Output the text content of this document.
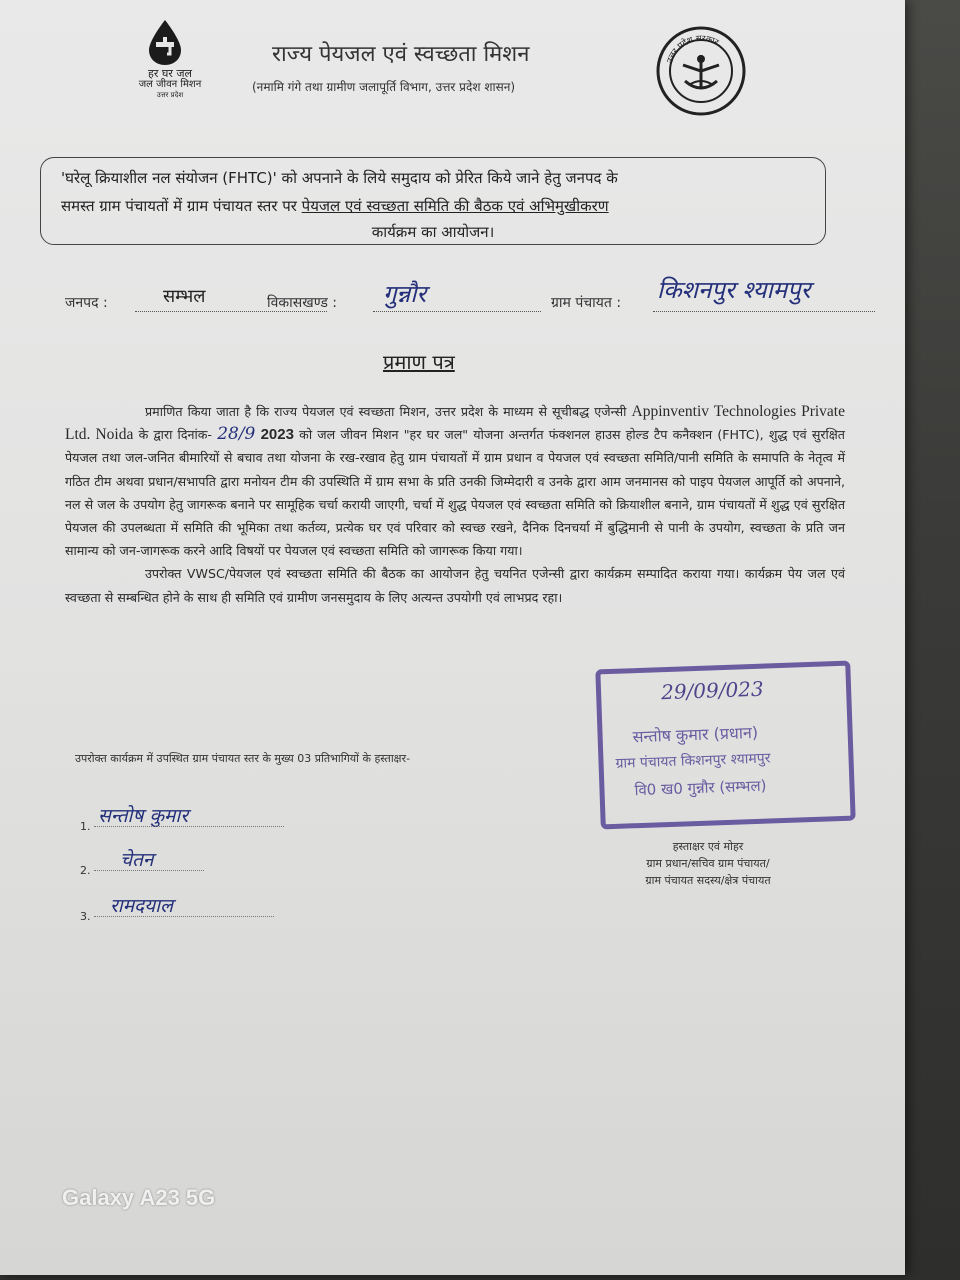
हर घर जल
जल जीवन मिशन
उत्तर प्रदेश
राज्य पेयजल एवं स्वच्छता मिशन
(नमामि गंगे तथा ग्रामीण जलापूर्ति विभाग, उत्तर प्रदेश शासन)
उत्तर प्रदेश सरकार
'घरेलू क्रियाशील नल संयोजन (FHTC)' को अपनाने के लिये समुदाय को प्रेरित किये जाने हेतु जनपद के
समस्त ग्राम पंचायतों में ग्राम पंचायत स्तर पर पेयजल एवं स्वच्छता समिति की बैठक एवं अभिमुखीकरण
कार्यक्रम का आयोजन।
जनपद :	सम्भल	विकासखण्ड : गुन्नौर	ग्राम पंचायत : किशनपुर श्यामपुर
प्रमाण पत्र

प्रमाणित किया जाता है कि राज्य पेयजल एवं स्वच्छता मिशन, उत्तर प्रदेश के माध्यम से सूचीबद्ध एजेन्सी Appinventiv Technologies Private Ltd. Noida के द्वारा दिनांक- 28/9 2023 को जल जीवन मिशन "हर घर जल" योजना अन्तर्गत फंक्शनल हाउस होल्ड टैप कनैक्शन (FHTC), शुद्ध एवं सुरक्षित पेयजल तथा जल-जनित बीमारियों से बचाव तथा योजना के रख-रखाव हेतु ग्राम पंचायतों में ग्राम प्रधान व पेयजल एवं स्वच्छता समिति/पानी समिति के समापति के नेतृत्व में गठित टीम अथवा प्रधान/सभापति द्वारा मनोयन टीम की उपस्थिति में ग्राम सभा के प्रति उनकी जिम्मेदारी व उनके द्वारा आम जनमानस को पाइप पेयजल आपूर्ति को अपनाने, नल से जल के उपयोग हेतु जागरूक बनाने पर सामूहिक चर्चा करायी जाएगी, चर्चा में शुद्ध पेयजल एवं स्वच्छता समिति को क्रियाशील बनाने, ग्राम पंचायतों में शुद्ध एवं सुरक्षित पेयजल की उपलब्धता में समिति की भूमिका तथा कर्तव्य, प्रत्येक घर एवं परिवार को स्वच्छ रखने, दैनिक दिनचर्या में बुद्धिमानी से पानी के उपयोग, स्वच्छता के प्रति जन सामान्य को जन-जागरूक करने आदि विषयों पर पेयजल एवं स्वच्छता समिति को जागरूक किया गया।

उपरोक्त VWSC/पेयजल एवं स्वच्छता समिति की बैठक का आयोजन हेतु चयनित एजेन्सी द्वारा कार्यक्रम सम्पादित कराया गया। कार्यक्रम पेय जल एवं स्वच्छता से सम्बन्धित होने के साथ ही समिति एवं ग्रामीण जनसमुदाय के लिए अत्यन्त उपयोगी एवं लाभप्रद रहा।

उपरोक्त कार्यक्रम में उपस्थित ग्राम पंचायत स्तर के मुख्य 03 प्रतिभागियों के हस्ताक्षर-
1. सन्तोष कुमार
2. चेतन
3. रामदयाल
29/09/023
सन्तोष कुमार (प्रधान)
ग्राम पंचायत किशनपुर श्यामपुर
वि0 ख0 गुन्नौर (सम्भल)
हस्ताक्षर एवं मोहर
ग्राम प्रधान/सचिव ग्राम पंचायत/
ग्राम पंचायत सदस्य/क्षेत्र पंचायत
Galaxy A23 5G
